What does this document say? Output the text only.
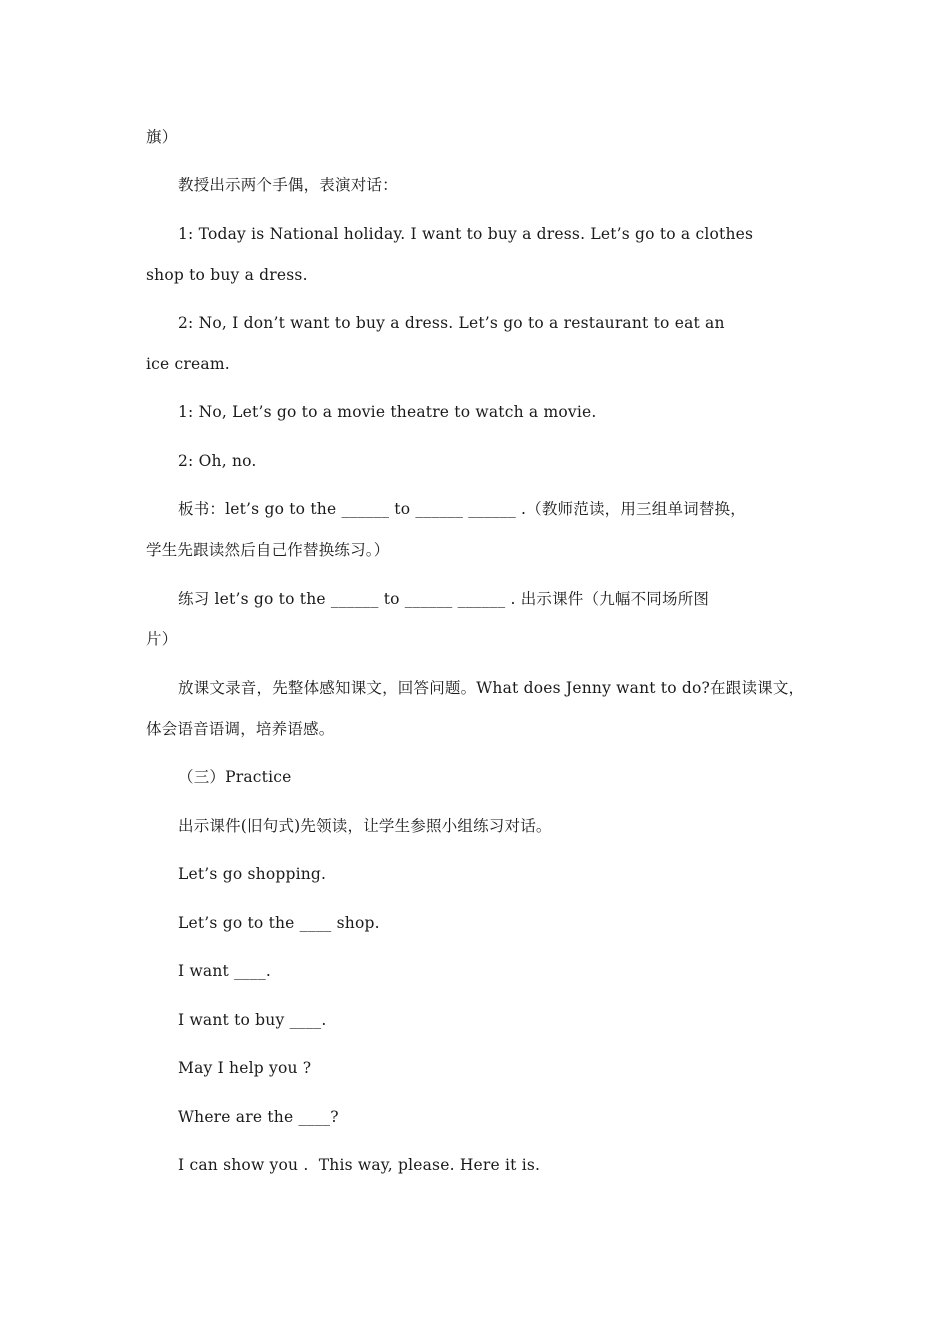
旗）
教授出示两个手偶，表演对话：
1: Today is National holiday. I want to buy a dress. Let’s go to a clothes
shop to buy a dress.
2: No, I don’t want to buy a dress. Let’s go to a restaurant to eat an
ice cream.
1: No, Let’s go to a movie theatre to watch a movie.
2: Oh, no.
板书：let’s go to the ______ to ______ ______ .（教师范读，用三组单词替换，
学生先跟读然后自己作替换练习。）
练习 let’s go to the ______ to ______ ______ . 出示课件（九幅不同场所图
片）
放课文录音，先整体感知课文，回答问题。What does Jenny want to do?在跟读课文，
体会语音语调，培养语感。
（三）Practice
出示课件(旧句式)先领读，让学生参照小组练习对话。
Let’s go shopping.
Let’s go to the ____ shop.
I want ____.
I want to buy ____.
May I help you ?
Where are the ____?
I can show you .  This way, please. Here it is.
